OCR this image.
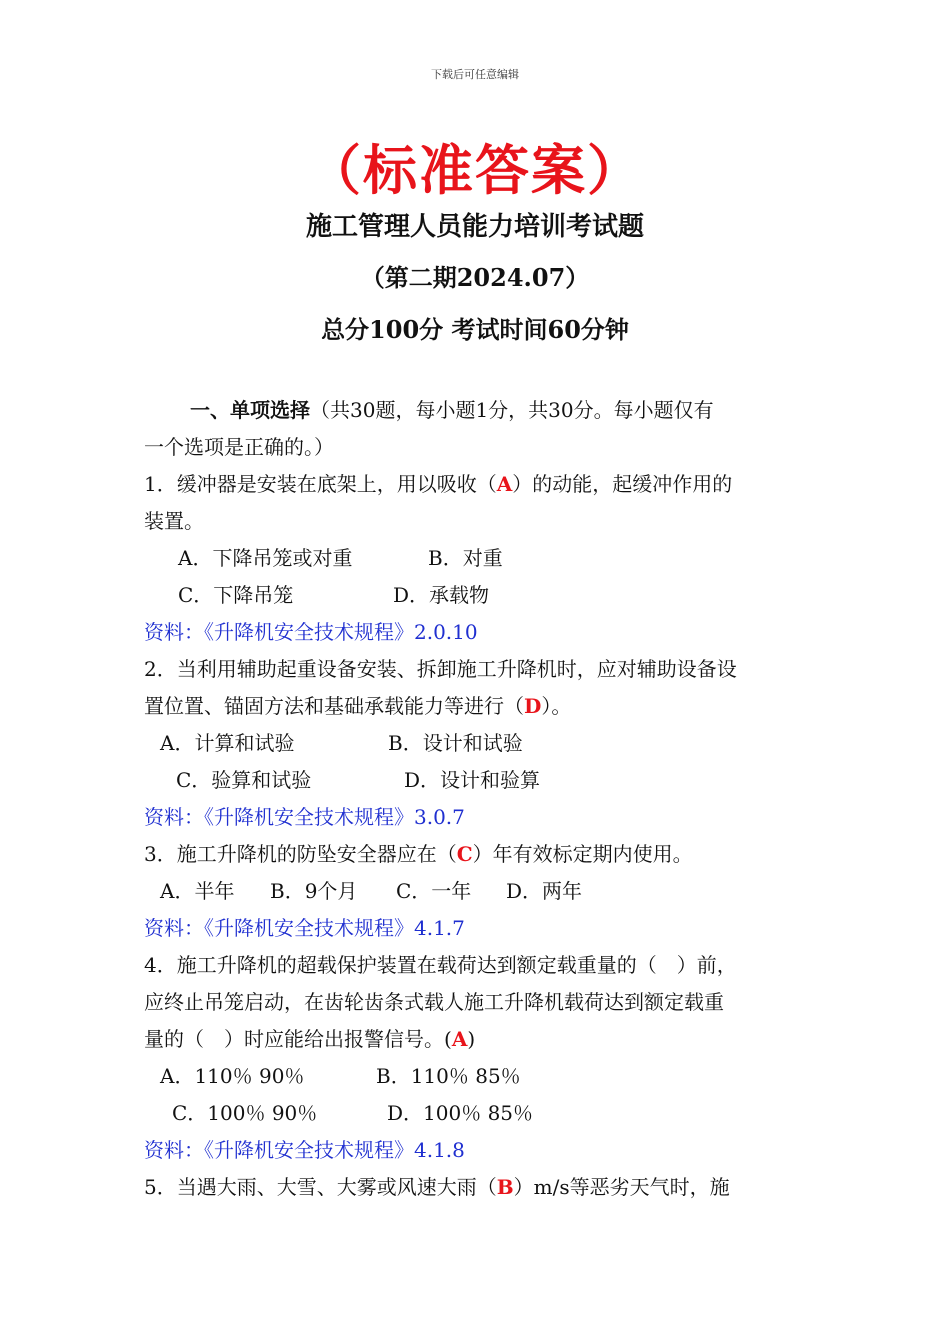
下载后可任意编辑
（标准答案）
施工管理人员能力培训考试题
（第二期2024.07）
总分100分 考试时间60分钟
一、单项选择（共30题，每小题1分，共30分。每小题仅有
一个选项是正确的。）
1．缓冲器是安装在底架上，用以吸收（A）的动能，起缓冲作用的
装置。
A．下降吊笼或对重	B．对重
C．下降吊笼	D．承载物
资料：《升降机安全技术规程》2.0.10
2．当利用辅助起重设备安装、拆卸施工升降机时，应对辅助设备设
置位置、锚固方法和基础承载能力等进行（D）。
A．计算和试验	B．设计和试验
C．验算和试验	D．设计和验算
资料：《升降机安全技术规程》3.0.7
3．施工升降机的防坠安全器应在（C）年有效标定期内使用。
A．半年 B．9个月 C．一年 D．两年
资料：《升降机安全技术规程》4.1.7
4．施工升降机的超载保护装置在载荷达到额定载重量的（　）前，
应终止吊笼启动，在齿轮齿条式载人施工升降机载荷达到额定载重
量的（　）时应能给出报警信号。(A)
A．110％ 90％	B．110％ 85％
C．100％ 90％	D．100％ 85％
资料：《升降机安全技术规程》4.1.8
5．当遇大雨、大雪、大雾或风速大雨（B）m/s等恶劣天气时，施
